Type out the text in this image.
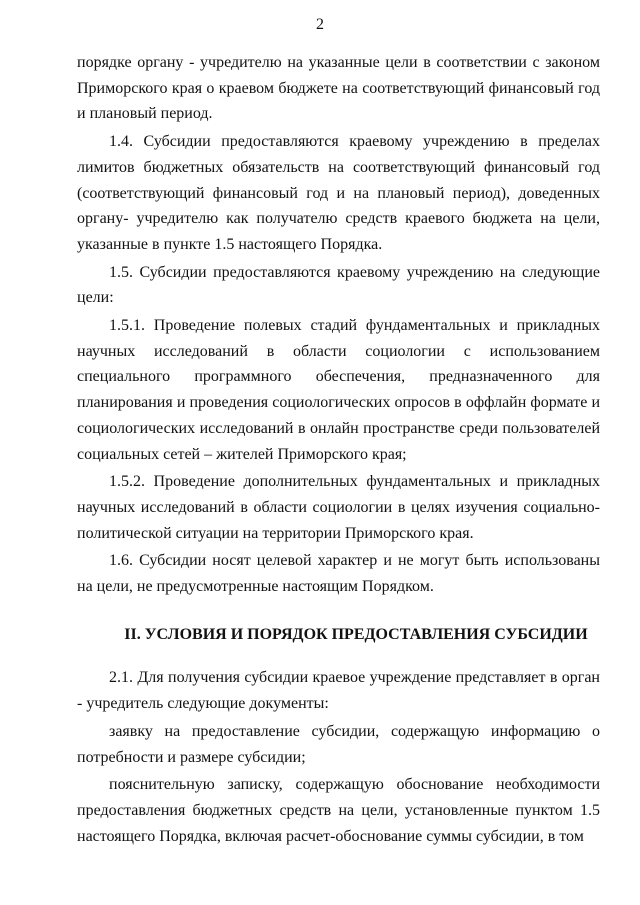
2

порядке органу - учредителю на указанные цели в соответствии с законом Приморского края о краевом бюджете на соответствующий финансовый год и плановый период.

1.4. Субсидии предоставляются краевому учреждению в пределах лимитов бюджетных обязательств на соответствующий финансовый год (соответствующий финансовый год и на плановый период), доведенных органу- учредителю как получателю средств краевого бюджета на цели, указанные в пункте 1.5 настоящего Порядка.

1.5. Субсидии предоставляются краевому учреждению на следующие цели:

1.5.1. Проведение полевых стадий фундаментальных и прикладных научных исследований в области социологии с использованием специального программного обеспечения, предназначенного для планирования и проведения социологических опросов в оффлайн формате и социологических исследований в онлайн пространстве среди пользователей социальных сетей – жителей Приморского края;

1.5.2. Проведение дополнительных фундаментальных и прикладных научных исследований в области социологии в целях изучения социально-политической ситуации на территории Приморского края.

1.6. Субсидии носят целевой характер и не могут быть использованы на цели, не предусмотренные настоящим Порядком.

II. УСЛОВИЯ И ПОРЯДОК ПРЕДОСТАВЛЕНИЯ СУБСИДИИ

2.1. Для получения субсидии краевое учреждение представляет в орган - учредитель следующие документы:

заявку на предоставление субсидии, содержащую информацию о потребности и размере субсидии;

пояснительную записку, содержащую обоснование необходимости предоставления бюджетных средств на цели, установленные пунктом 1.5 настоящего Порядка, включая расчет-обоснование суммы субсидии, в том
